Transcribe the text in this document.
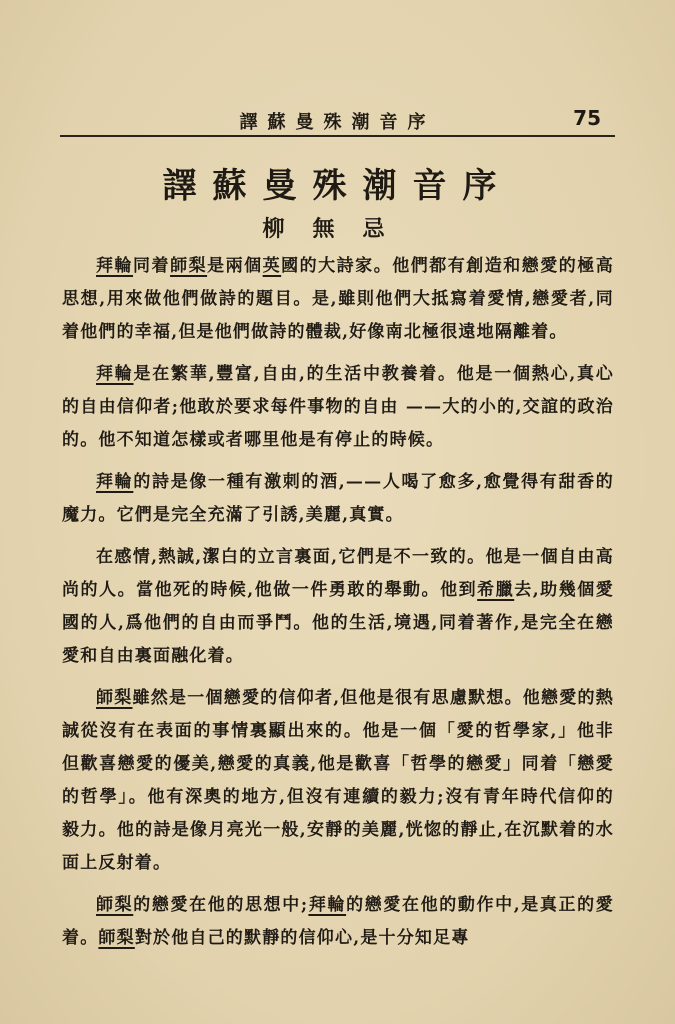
譯蘇曼殊潮音序	75
譯蘇曼殊潮音序
柳無忌

拜輪同着師梨是兩個英國的大詩家。他們都有創造和戀愛的極高思想,用來做他們做詩的題目。是,雖則他們大抵寫着愛情,戀愛者,同着他們的幸福,但是他們做詩的體裁,好像南北極很遠地隔離着。

拜輪是在繁華,豐富,自由,的生活中教養着。他是一個熱心,真心的自由信仰者;他敢於要求每件事物的自由 ——大的小的,交誼的政治的。他不知道怎樣或者哪里他是有停止的時候。

拜輪的詩是像一種有激刺的酒,——人喝了愈多,愈覺得有甜香的魔力。它們是完全充滿了引誘,美麗,真實。

在感情,熱誠,潔白的立言裏面,它們是不一致的。他是一個自由高尚的人。當他死的時候,他做一件勇敢的舉動。他到希臘去,助幾個愛國的人,爲他們的自由而爭鬥。他的生活,境遇,同着著作,是完全在戀愛和自由裏面融化着。

師梨雖然是一個戀愛的信仰者,但他是很有思慮默想。他戀愛的熱誠從沒有在表面的事情裏顯出來的。他是一個「愛的哲學家,」他非但歡喜戀愛的優美,戀愛的真義,他是歡喜「哲學的戀愛」同着「戀愛的哲學」。他有深奧的地方,但沒有連續的毅力;沒有青年時代信仰的毅力。他的詩是像月亮光一般,安靜的美麗,恍惚的靜止,在沉默着的水面上反射着。

師梨的戀愛在他的思想中;拜輪的戀愛在他的動作中,是真正的愛着。師梨對於他自己的默靜的信仰心,是十分知足專
